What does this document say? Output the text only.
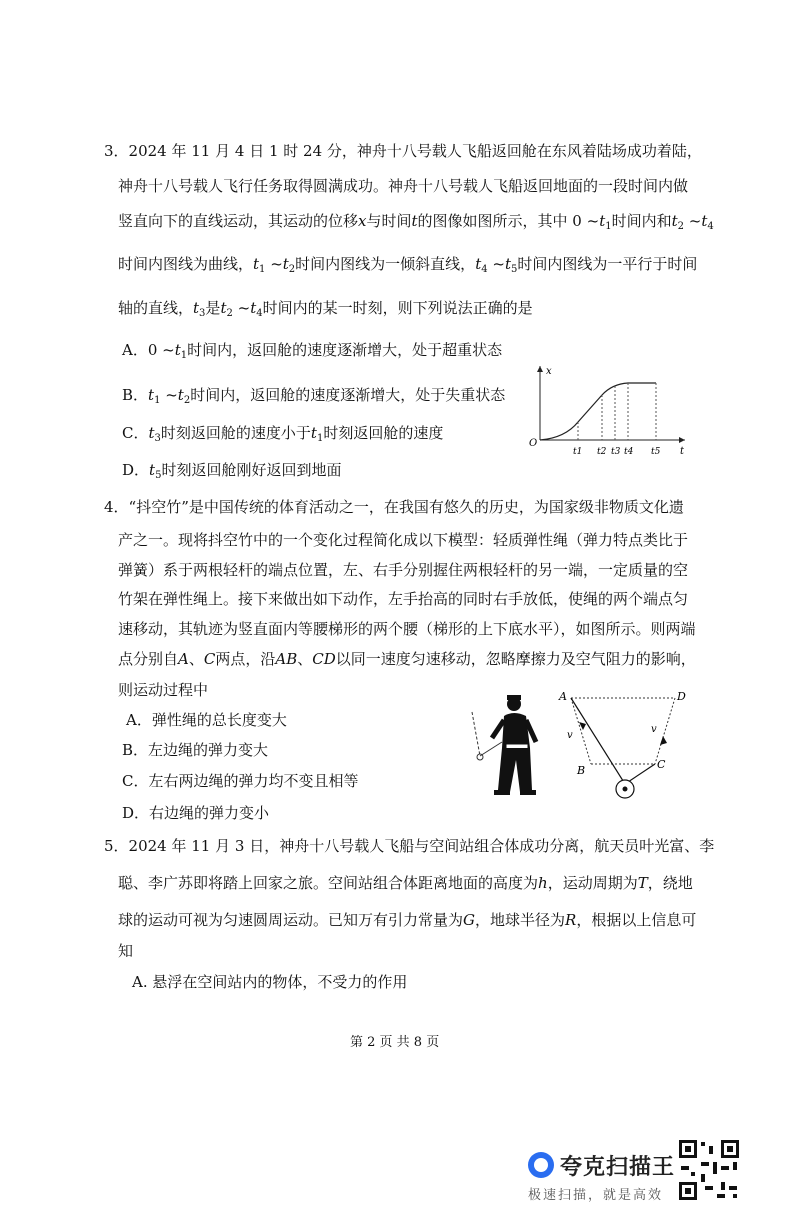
3．2024 年 11 月 4 日 1 时 24 分，神舟十八号载人飞船返回舱在东风着陆场成功着陆，
神舟十八号载人飞行任务取得圆满成功。神舟十八号载人飞船返回地面的一段时间内做
竖直向下的直线运动，其运动的位移x与时间t的图像如图所示，其中 0 $\sim t_1$时间内和$t_2$ $\sim t_4$
时间内图线为曲线，$t_1$ $\sim t_2$时间内图线为一倾斜直线，$t_4$ $\sim t_5$时间内图线为一平行于时间
轴的直线，$t_3$是$t_2$ $\sim t_4$时间内的某一时刻，则下列说法正确的是
A．0 $\sim t_1$时间内，返回舱的速度逐渐增大，处于超重状态
B．$t_1$ $\sim t_2$时间内，返回舱的速度逐渐增大，处于失重状态
C．$t_3$时刻返回舱的速度小于$t_1$时刻返回舱的速度
D．$t_5$时刻返回舱刚好返回到地面
x
t
O
t1 t2 t3 t4 t5
4．“抖空竹”是中国传统的体育活动之一，在我国有悠久的历史，为国家级非物质文化遗
产之一。现将抖空竹中的一个变化过程简化成以下模型：轻质弹性绳（弹力特点类比于
弹簧）系于两根轻杆的端点位置，左、右手分别握住两根轻杆的另一端，一定质量的空
竹架在弹性绳上。接下来做出如下动作，左手抬高的同时右手放低，使绳的两个端点匀
速移动，其轨迹为竖直面内等腰梯形的两个腰（梯形的上下底水平），如图所示。则两端
点分别自A、C两点，沿AB、CD以同一速度匀速移动，忽略摩擦力及空气阻力的影响，
则运动过程中
A．弹性绳的总长度变大
B．左边绳的弹力变大
C．左右两边绳的弹力均不变且相等
D．右边绳的弹力变小
A	D
B	C
v
v
5．2024 年 11 月 3 日，神舟十八号载人飞船与空间站组合体成功分离，航天员叶光富、李
聪、李广苏即将踏上回家之旅。空间站组合体距离地面的高度为h，运动周期为T，绕地
球的运动可视为匀速圆周运动。已知万有引力常量为G，地球半径为R，根据以上信息可
知
A. 悬浮在空间站内的物体，不受力的作用
第 2 页 共 8 页
夸克扫描王
极速扫描，就是高效
